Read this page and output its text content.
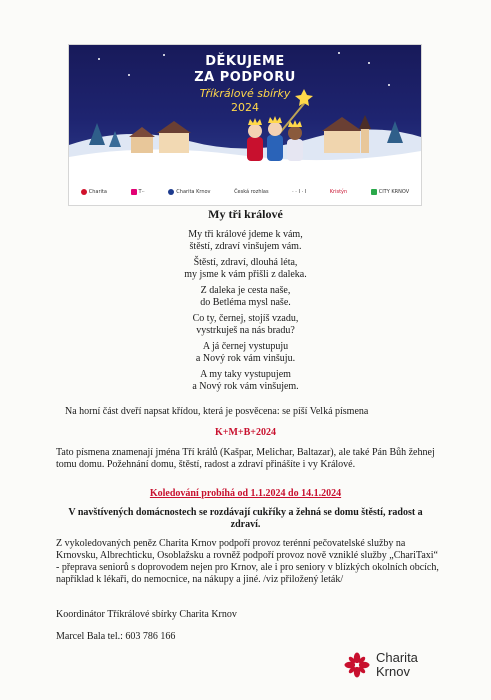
DĚKUJEME
ZA PODPORU
Tříkrálové sbírky
2024
Charita	T··	Charita Krnov	Česká rozhlas	· · I · I	Kristýn	CITY KRNOV
My tři králové
My tři králové jdeme k vám,
štěstí, zdraví vinšujem vám.
Štěstí, zdraví, dlouhá léta,
my jsme k vám přišli z daleka.
Z daleka je cesta naše,
do Betléma mysl naše.
Co ty, černej, stojíš vzadu,
vystrkuješ na nás bradu?
A já černej vystupuju
a Nový rok vám vinšuju.
A my taky vystupujem
a Nový rok vám vinšujem.
Na horní část dveří napsat křídou, která je posvěcena: se píší Velká písmena
K+M+B+2024
Tato písmena znamenají jména Tří králů (Kašpar, Melichar, Baltazar), ale také Pán Bůh žehnej
tomu domu. Požehnání domu, štěstí, radost a zdraví přinášíte i vy Králové.
Koledování probíhá od 1.1.2024 do 14.1.2024
V navštívených domácnostech se rozdávají cukříky a žehná se domu štěstí, radost a
zdraví.
Z vykoledovaných peněz Charita Krnov podpoří provoz terénní pečovatelské služby na
Krnovsku, Albrechticku, Osoblažsku a rovněž podpoří provoz nově vzniklé služby „ChariTaxi“
- přeprava seniorů s doprovodem nejen pro Krnov, ale i pro seniory v blízkých okolních obcích,
například k lékaři, do nemocnice, na nákupy a jiné. /viz přiložený leták/
Koordinátor Tříkrálové sbírky Charita Krnov
Marcel Bala tel.: 603 786 166
Charita
Krnov
